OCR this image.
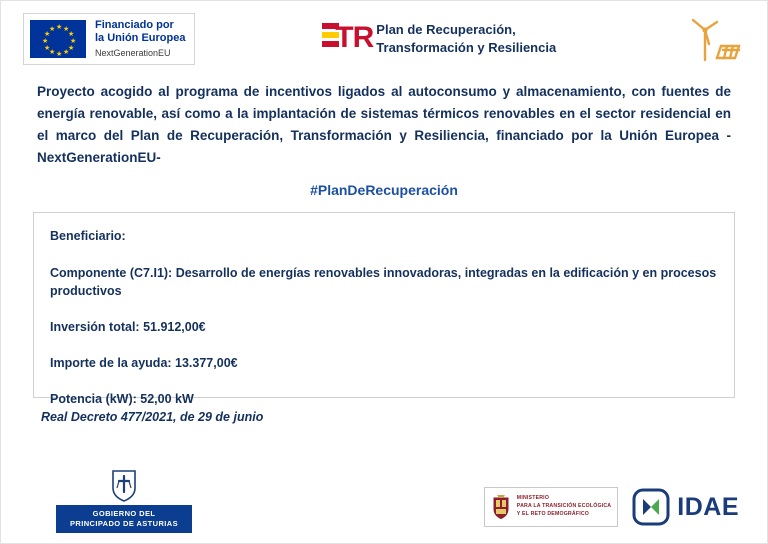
★ ★
★
★
★
★
★
★
★
★
★
★	Financiado por
la Unión Europea
NextGenerationEU	TR Plan de Recuperación,
Transformación y Resiliencia
Proyecto acogido al programa de incentivos ligados al autoconsumo y almacenamiento, con fuentes de energía renovable, así como a la implantación de sistemas térmicos renovables en el sector residencial en el marco del Plan de Recuperación, Transformación y Resiliencia, financiado por la Unión Europea -NextGenerationEU-
#PlanDeRecuperación
Beneficiario:
Componente (C7.I1): Desarrollo de energías renovables innovadoras, integradas en la edificación y en procesos productivos
Inversión total: 51.912,00€
Importe de la ayuda: 13.377,00€
Potencia (kW): 52,00 kW
Real Decreto 477/2021, de 29 de junio
GOBIERNO DEL
PRINCIPADO DE ASTURIAS
MINISTERIO
PARA LA TRANSICIÓN ECOLÓGICA
Y EL RETO DEMOGRÁFICO	IDAE
